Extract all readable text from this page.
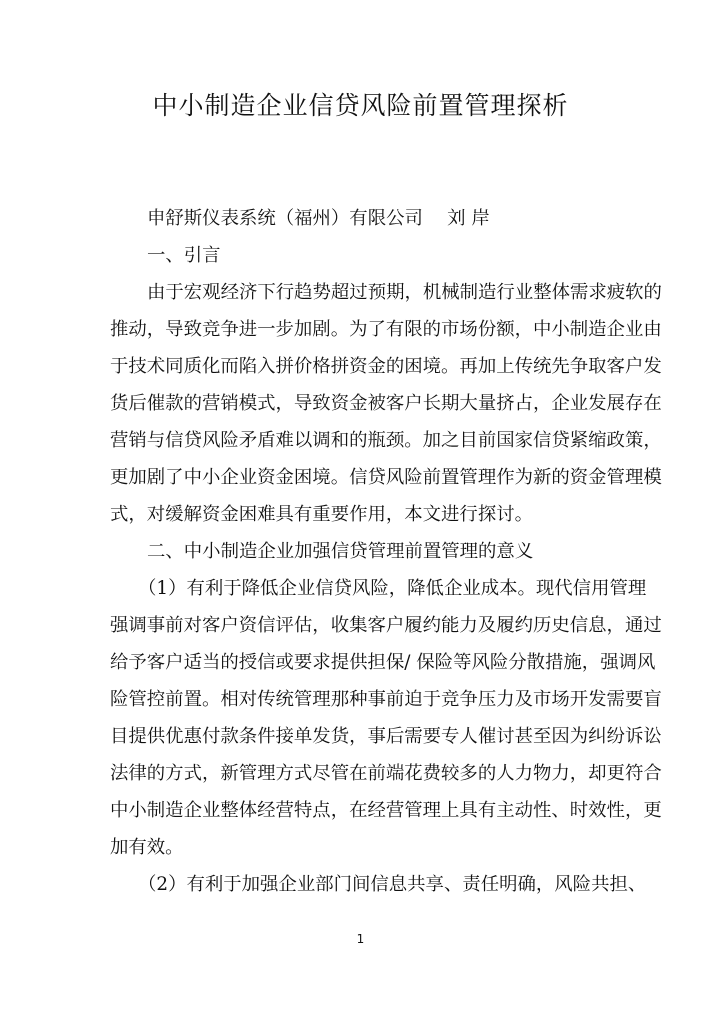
中小制造企业信贷风险前置管理探析
申舒斯仪表系统（福州）有限公司　 刘 岸
一、引言
由于宏观经济下行趋势超过预期，机械制造行业整体需求疲软的
推动，导致竞争进一步加剧。为了有限的市场份额，中小制造企业由
于技术同质化而陷入拼价格拼资金的困境。再加上传统先争取客户发
货后催款的营销模式，导致资金被客户长期大量挤占，企业发展存在
营销与信贷风险矛盾难以调和的瓶颈。加之目前国家信贷紧缩政策，
更加剧了中小企业资金困境。信贷风险前置管理作为新的资金管理模
式，对缓解资金困难具有重要作用，本文进行探讨。
二、中小制造企业加强信贷管理前置管理的意义
（1）有利于降低企业信贷风险，降低企业成本。现代信用管理
强调事前对客户资信评估，收集客户履约能力及履约历史信息，通过
给予客户适当的授信或要求提供担保/ 保险等风险分散措施，强调风
险管控前置。相对传统管理那种事前迫于竞争压力及市场开发需要盲
目提供优惠付款条件接单发货，事后需要专人催讨甚至因为纠纷诉讼
法律的方式，新管理方式尽管在前端花费较多的人力物力，却更符合
中小制造企业整体经营特点，在经营管理上具有主动性、时效性，更
加有效。
（2）有利于加强企业部门间信息共享、责任明确，风险共担、
1
